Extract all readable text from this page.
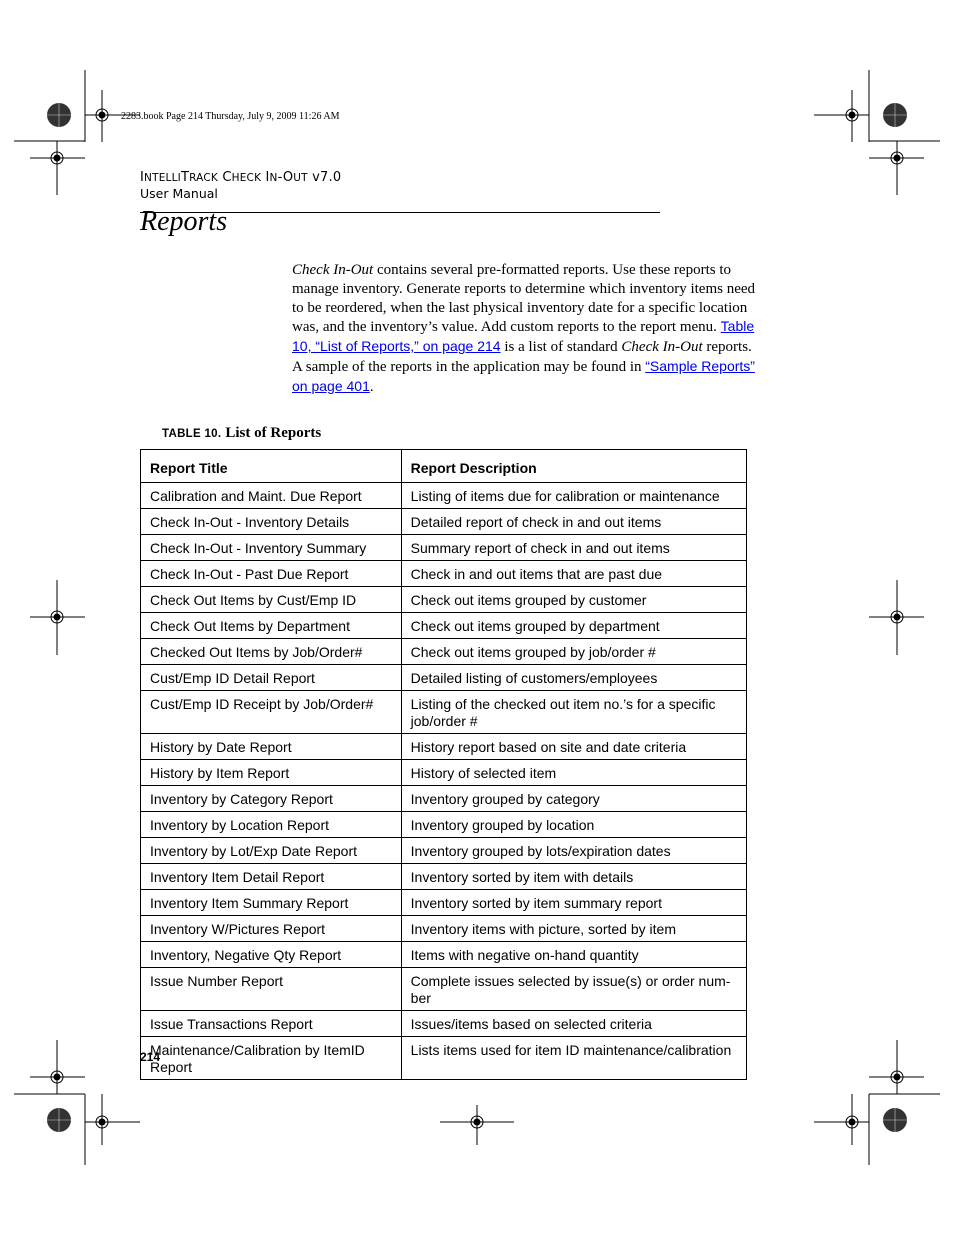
2283.book Page 214 Thursday, July 9, 2009 11:26 AM
INTELLITRACK CHECK IN-OUT v7.0
User Manual
Reports
Check In-Out contains several pre-formatted reports. Use these reports to manage inventory. Generate reports to determine which inventory items need to be reordered, when the last physical inventory date for a specific location was, and the inventory’s value. Add custom reports to the report menu. Table 10, “List of Reports,” on page 214 is a list of standard Check In-Out reports. A sample of the reports in the application may be found in “Sample Reports” on page 401.
TABLE 10. List of Reports
Report Title	Report Description
Calibration and Maint. Due Report	Listing of items due for calibration or maintenance
Check In-Out - Inventory Details	Detailed report of check in and out items
Check In-Out - Inventory Summary	Summary report of check in and out items
Check In-Out - Past Due Report	Check in and out items that are past due
Check Out Items by Cust/Emp ID	Check out items grouped by customer
Check Out Items by Department	Check out items grouped by department
Checked Out Items by Job/Order#	Check out items grouped by job/order #
Cust/Emp ID Detail Report	Detailed listing of customers/employees
Cust/Emp ID Receipt by Job/Order#	Listing of the checked out item no.’s for a specific job/order #
History by Date Report	History report based on site and date criteria
History by Item Report	History of selected item
Inventory by Category Report	Inventory grouped by category
Inventory by Location Report	Inventory grouped by location
Inventory by Lot/Exp Date Report	Inventory grouped by lots/expiration dates
Inventory Item Detail Report	Inventory sorted by item with details
Inventory Item Summary Report	Inventory sorted by item summary report
Inventory W/Pictures Report	Inventory items with picture, sorted by item
Inventory, Negative Qty Report	Items with negative on-hand quantity
Issue Number Report	Complete issues selected by issue(s) or order num-ber
Issue Transactions Report	Issues/items based on selected criteria
Maintenance/Calibration by ItemID Report	Lists items used for item ID maintenance/calibration
214
